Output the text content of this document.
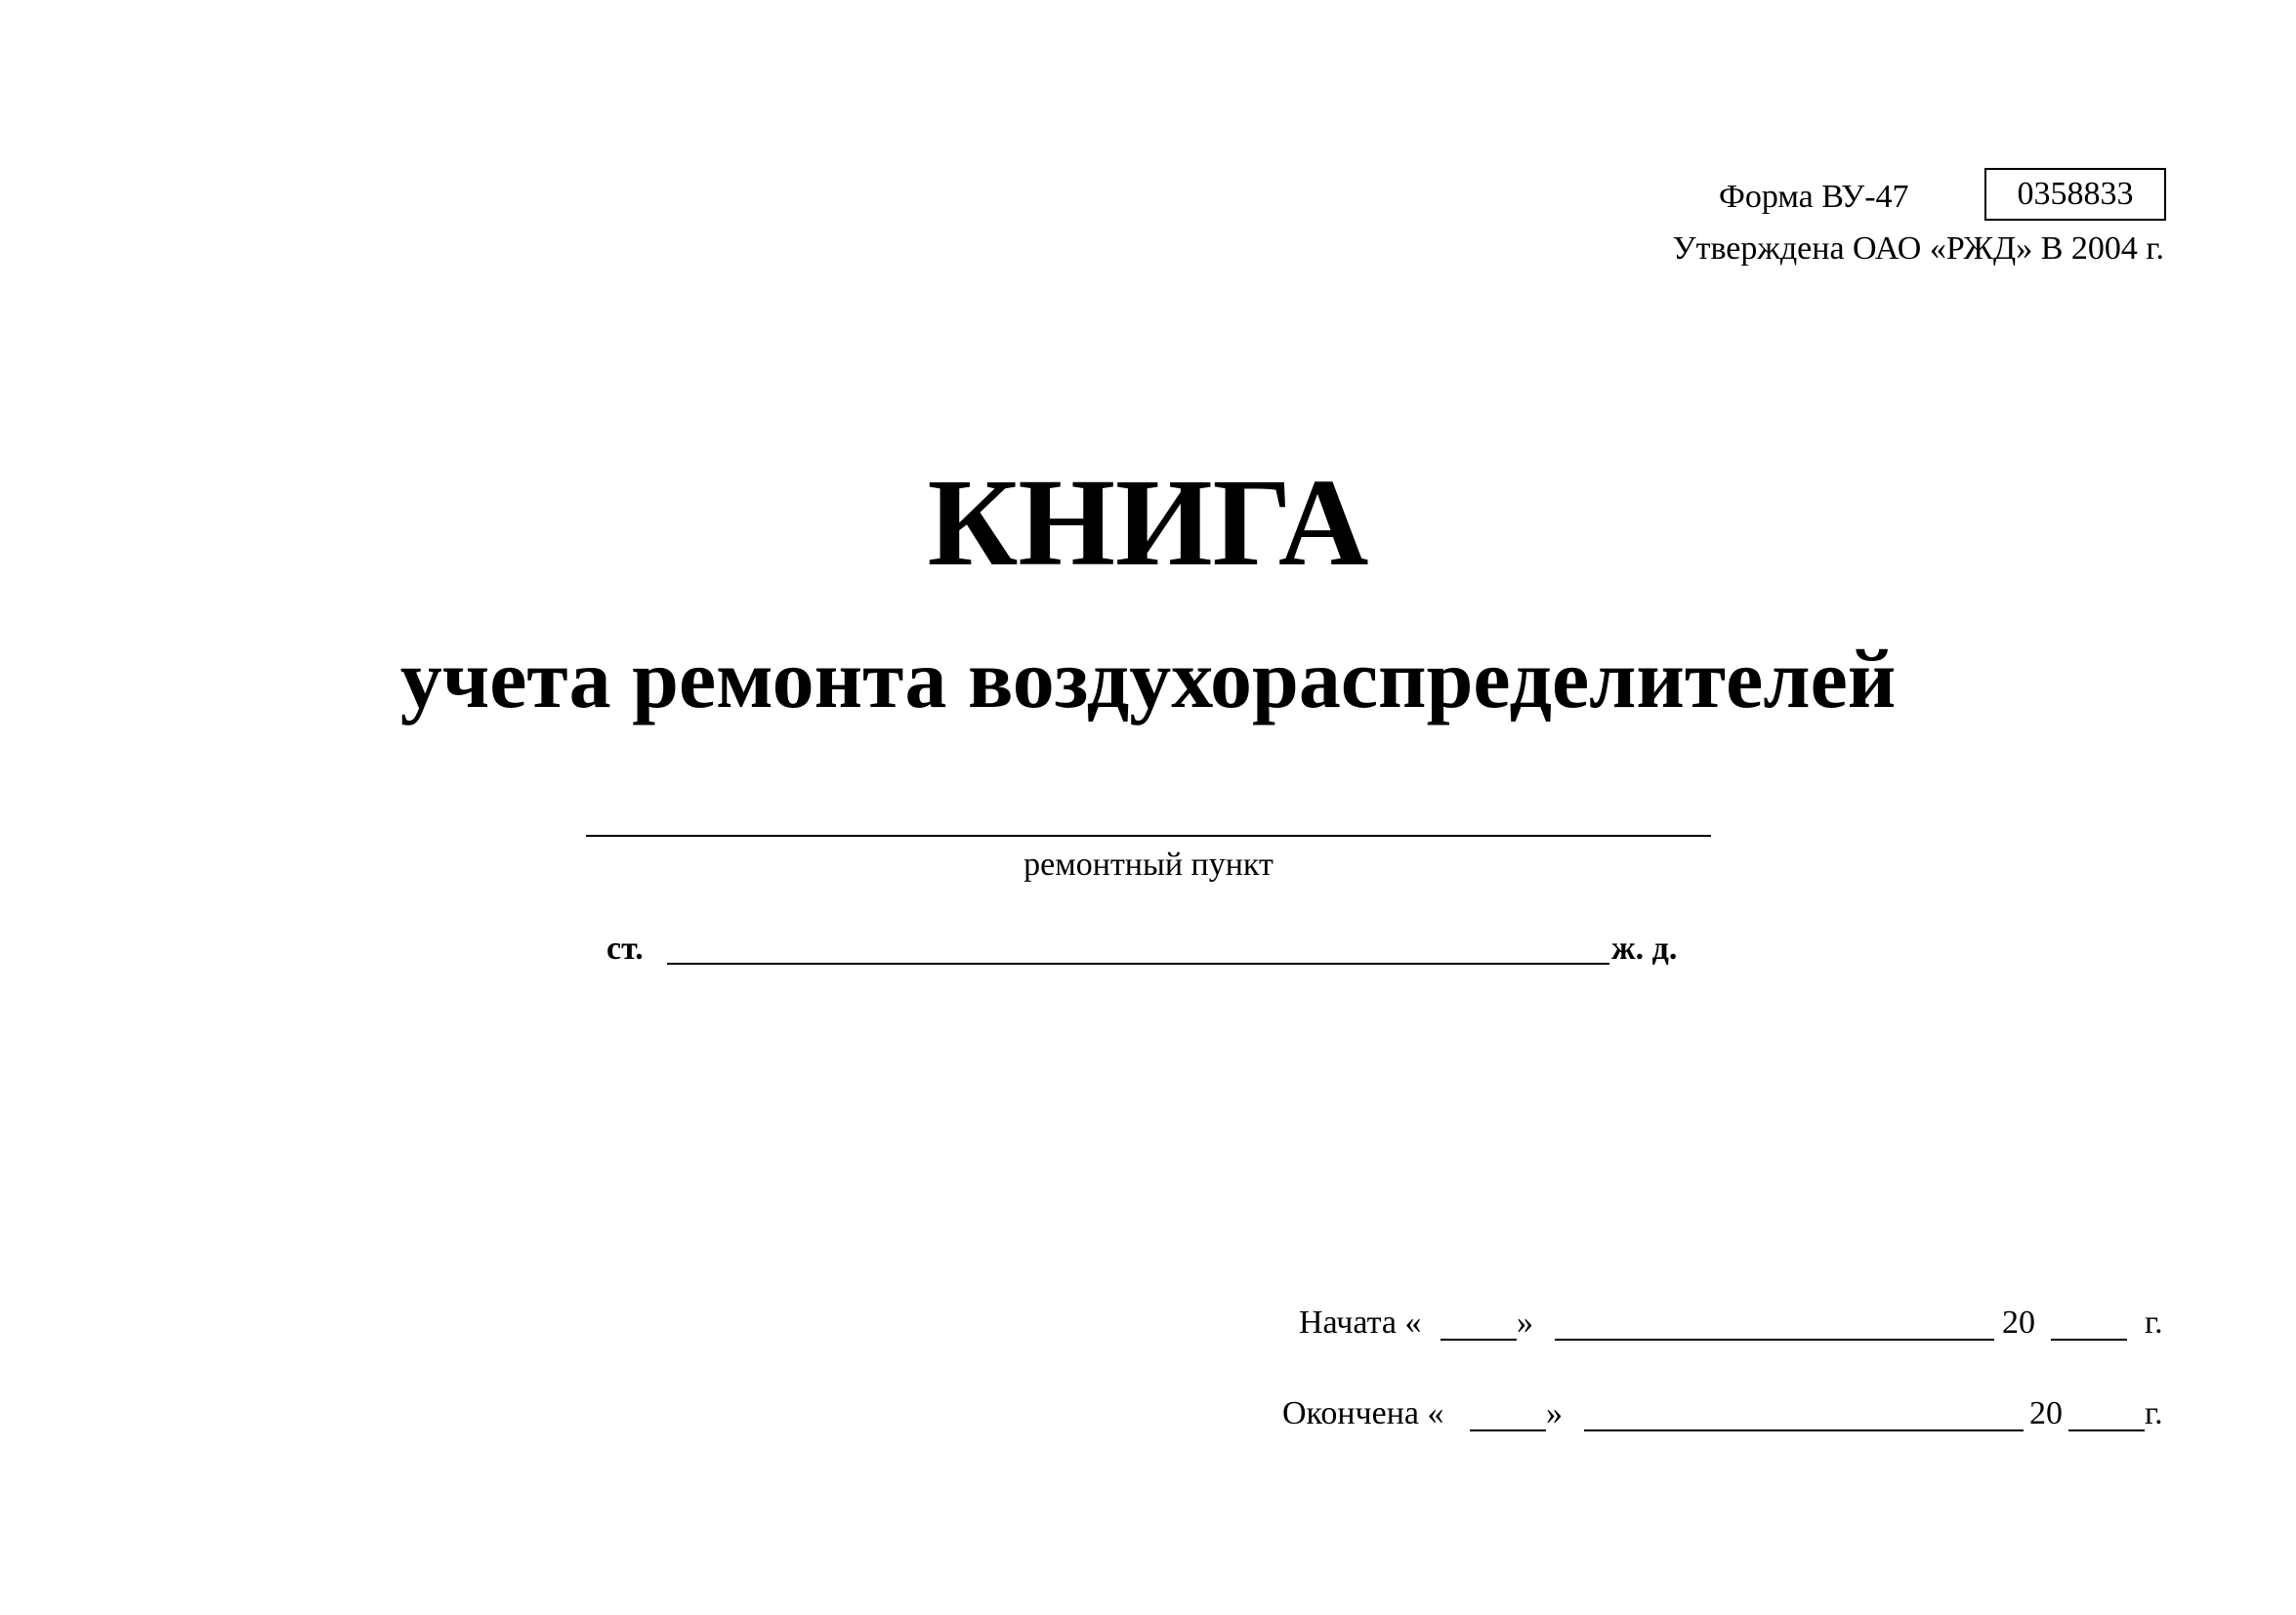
Форма ВУ-47	0358833
Утверждена ОАО «РЖД» В 2004 г.
КНИГА
учета ремонта воздухораспределителей
ремонтный пункт
ст.	ж. д.
Начата «	»	20	г.
Окончена «	»	20 г.
